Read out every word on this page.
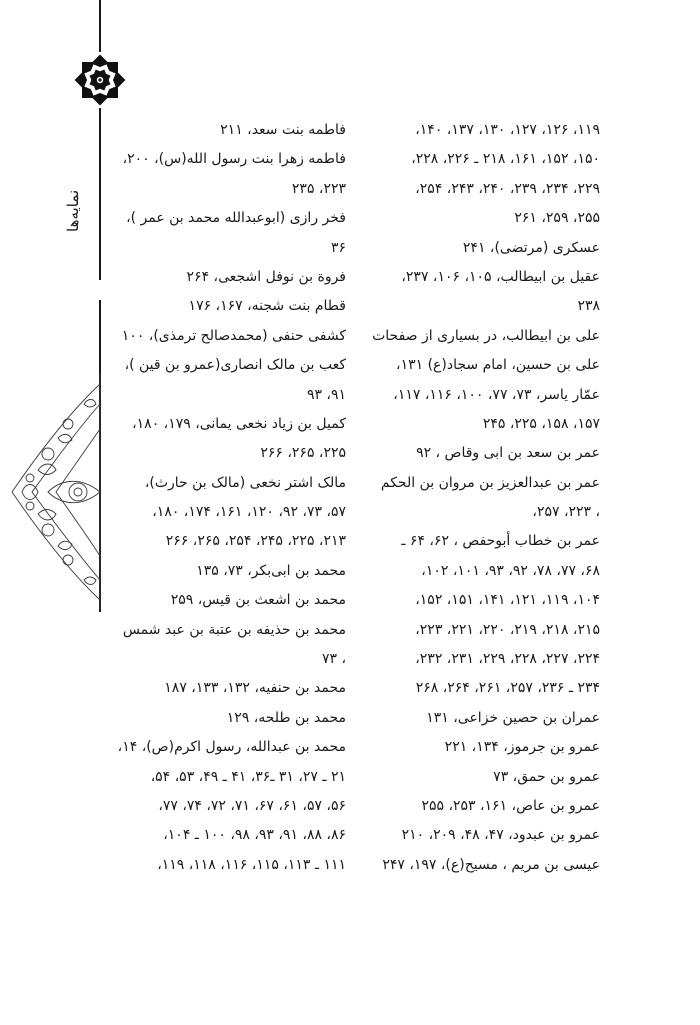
نمایه‌ها
۱۱۹، ۱۲۶، ۱۲۷، ۱۳۰، ۱۳۷، ۱۴۰،
۱۵۰، ۱۵۲، ۱۶۱، ۲۱۸ ـ ۲۲۶، ۲۲۸،
۲۲۹، ۲۳۴، ۲۳۹، ۲۴۰، ۲۴۳، ۲۵۴،
۲۵۵، ۲۵۹، ۲۶۱
عسکری (مرتضی)، ۲۴۱
عقیل بن ابیطالب، ۱۰۵، ۱۰۶، ۲۳۷،
۲۳۸
علی بن ابیطالب، در بسیاری از صفحات
علی بن حسین، امام سجاد(ع) ۱۳۱،
عمّار یاسر، ۷۳، ۷۷، ۱۰۰، ۱۱۶، ۱۱۷،
۱۵۷، ۱۵۸، ۲۲۵، ۲۴۵
عمر بن سعد بن ابی وقاص ، ۹۲
عمر بن عبدالعزیز بن مروان بن الحکم
، ۲۲۳، ۲۵۷،
عمر بن خطاب أبوحفص ، ۶۲، ۶۴ ـ
۶۸، ۷۷، ۷۸، ۹۲، ۹۳، ۱۰۱، ۱۰۲،
۱۰۴، ۱۱۹، ۱۲۱، ۱۴۱، ۱۵۱، ۱۵۲،
۲۱۵، ۲۱۸، ۲۱۹، ۲۲۰، ۲۲۱، ۲۲۳،
۲۲۴، ۲۲۷، ۲۲۸، ۲۲۹، ۲۳۱، ۲۳۲،
۲۳۴ ـ ۲۳۶، ۲۵۷، ۲۶۱، ۲۶۴، ۲۶۸
عمران بن حصین خزاعی، ۱۳۱
عمرو بن جرموز، ۱۳۴، ۲۲۱
عمرو بن حمق، ۷۳
عمرو بن عاص، ۱۶۱، ۲۵۳، ۲۵۵
عمرو بن عبدود، ۴۷، ۴۸، ۲۰۹، ۲۱۰
عیسی بن مریم ، مسیح(ع)، ۱۹۷، ۲۴۷
فاطمه بنت سعد، ۲۱۱
فاطمه زهرا بنت رسول الله(س)، ۲۰۰،
۲۲۳، ۲۳۵
فخر رازی (ابوعبدالله محمد بن عمر )،
۳۶
فروة بن نوفل اشجعی، ۲۶۴
قطام بنت شجنه، ۱۶۷، ۱۷۶
کشفی حنفی (محمدصالح ترمذی)، ۱۰۰
کعب بن مالک انصاری(عمرو بن قین )،
۹۱، ۹۳
کمیل بن زیاد نخعی یمانی، ۱۷۹، ۱۸۰،
۲۲۵، ۲۶۵، ۲۶۶
مالک اشتر نخعی (مالک بن حارث)،
۵۷، ۷۳، ۹۲، ۱۲۰، ۱۶۱، ۱۷۴، ۱۸۰،
۲۱۳، ۲۲۵، ۲۴۵، ۲۵۴، ۲۶۵، ۲۶۶
محمد بن ابی‌بکر، ۷۳، ۱۳۵
محمد بن اشعث بن قیس، ۲۵۹
محمد بن حذیفه بن عتبة بن عبد شمس
، ۷۳
محمد بن حنفیه، ۱۳۲، ۱۳۳، ۱۸۷
محمد بن طلحه، ۱۲۹
محمد بن عبدالله، رسول اکرم(ص)، ۱۴،
۲۱ ـ ۲۷، ۳۱ ـ۳۶، ۴۱ ـ ۴۹، ۵۳، ۵۴،
۵۶، ۵۷، ۶۱، ۶۷، ۷۱، ۷۲، ۷۴، ۷۷،
۸۶، ۸۸، ۹۱، ۹۳، ۹۸، ۱۰۰ ـ ۱۰۴،
۱۱۱ ـ ۱۱۳، ۱۱۵، ۱۱۶، ۱۱۸، ۱۱۹،
